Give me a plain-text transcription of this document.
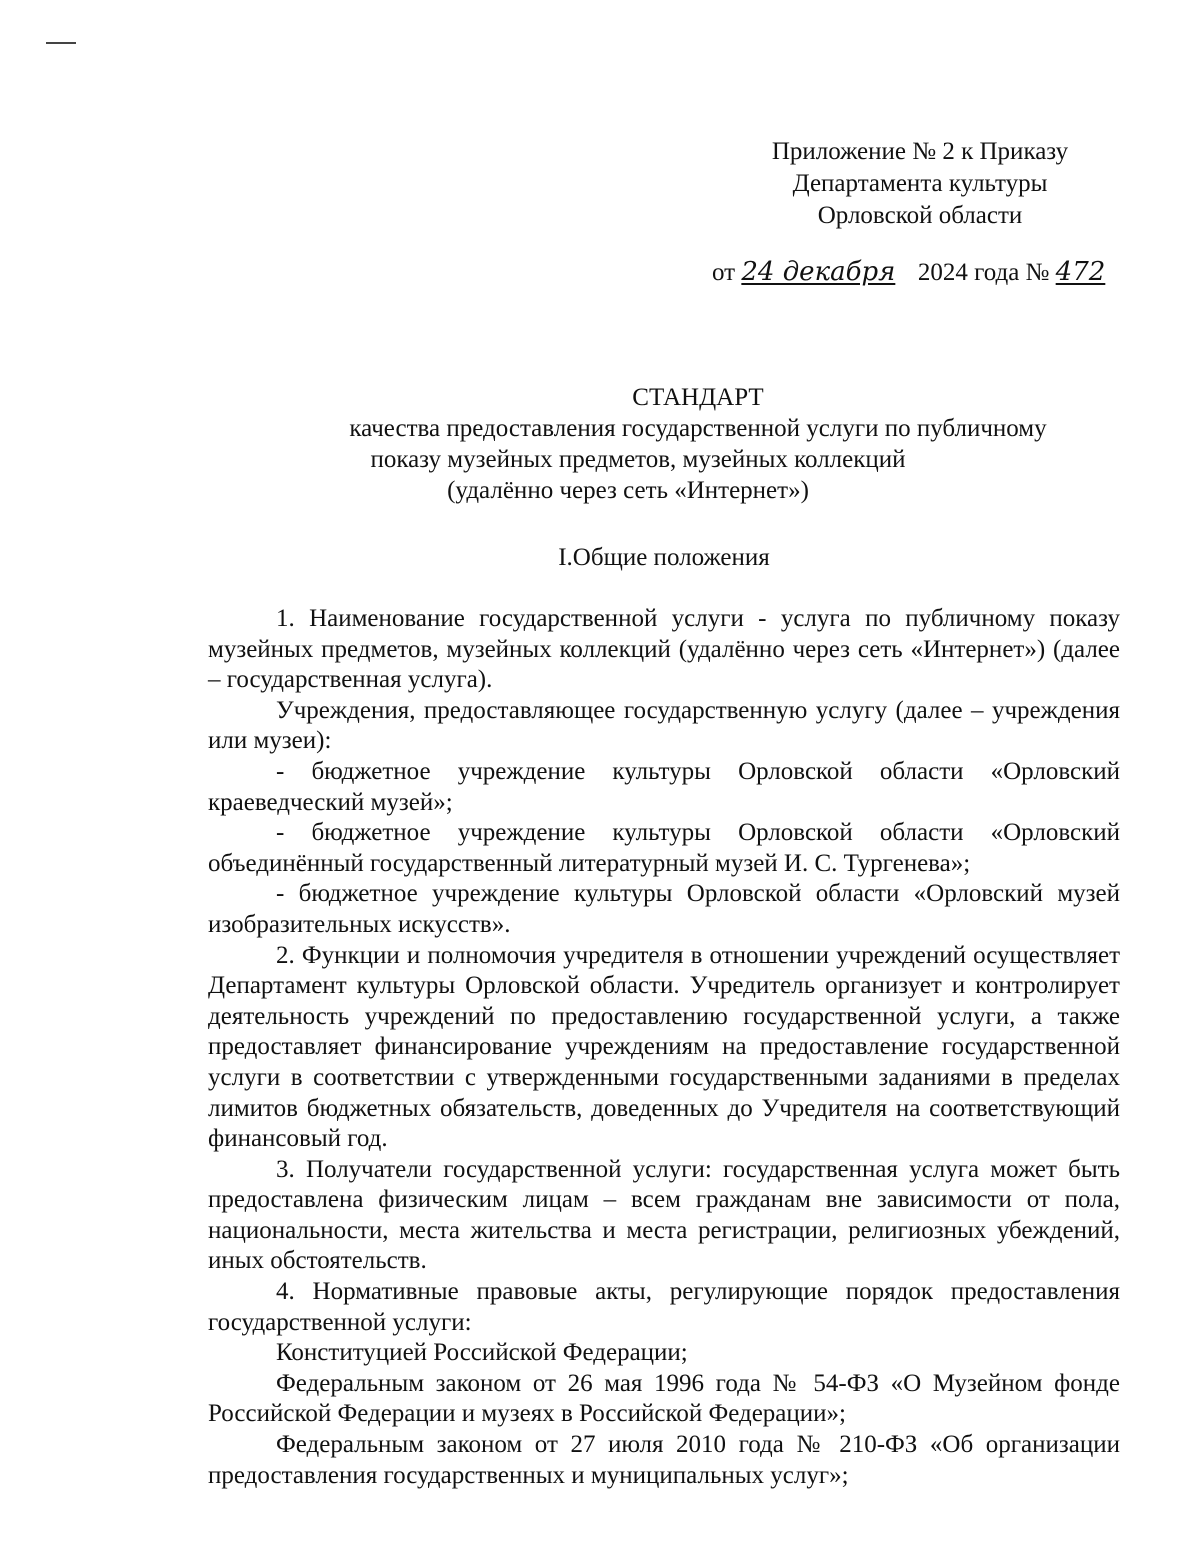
Приложение № 2 к Приказу
Департамента культуры
Орловской области
от 24 декабря 2024 года № 472
СТАНДАРТ
качества предоставления государственной услуги по публичному
показу музейных предметов, музейных коллекций
(удалённо через сеть «Интернет»)
I.Общие положения

1. Наименование государственной услуги - услуга по публичному показу музейных предметов, музейных коллекций (удалённо через сеть «Интернет») (далее – государственная услуга).

Учреждения, предоставляющее государственную услугу (далее – учреждения или музеи):

- бюджетное учреждение культуры Орловской области «Орловский краеведческий музей»;

- бюджетное учреждение культуры Орловской области «Орловский объединённый государственный литературный музей И. С. Тургенева»;

- бюджетное учреждение культуры Орловской области «Орловский музей изобразительных искусств».

2. Функции и полномочия учредителя в отношении учреждений осуществляет Департамент культуры Орловской области. Учредитель организует и контролирует деятельность учреждений по предоставлению государственной услуги, а также предоставляет финансирование учреждениям на предоставление государственной услуги в соответствии с утвержденными государственными заданиями в пределах лимитов бюджетных обязательств, доведенных до Учредителя на соответствующий финансовый год.

3. Получатели государственной услуги: государственная услуга может быть предоставлена физическим лицам – всем гражданам вне зависимости от пола, национальности, места жительства и места регистрации, религиозных убеждений, иных обстоятельств.

4. Нормативные правовые акты, регулирующие порядок предоставления государственной услуги:

Конституцией Российской Федерации;

Федеральным законом от 26 мая 1996 года № 54-ФЗ «О Музейном фонде Российской Федерации и музеях в Российской Федерации»;

Федеральным законом от 27 июля 2010 года № 210-ФЗ «Об организации предоставления государственных и муниципальных услуг»;
